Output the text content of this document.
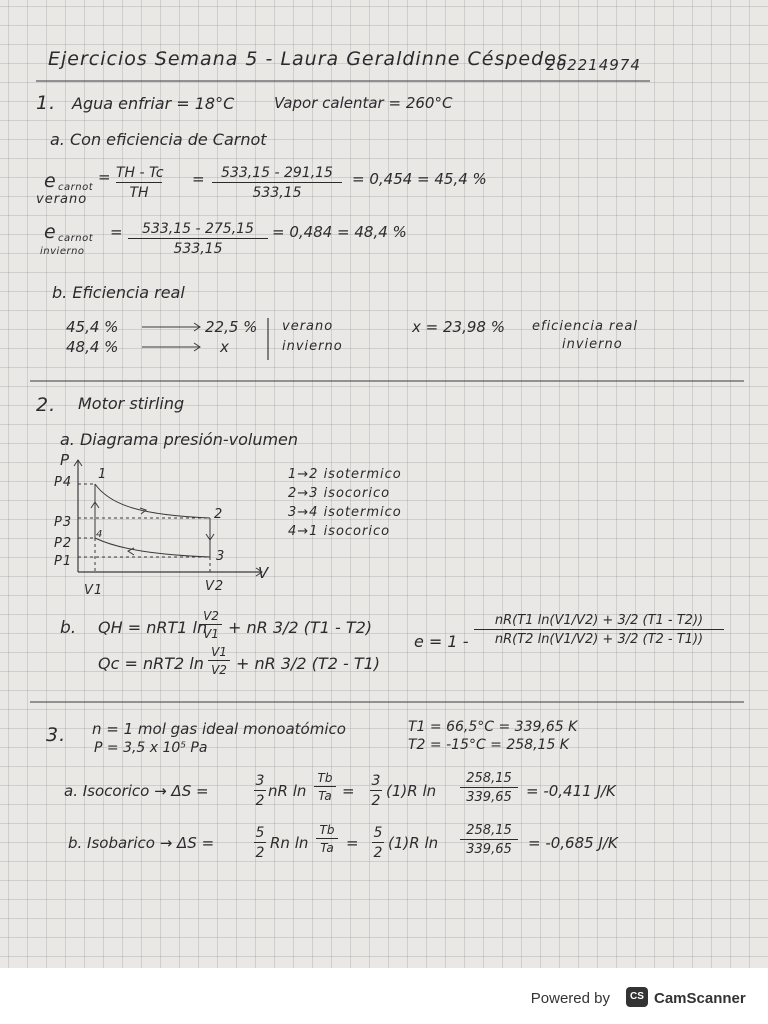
Ejercicios Semana 5 - Laura Geraldinne Céspedes
202214974
1. Agua enfriar = 18°C	Vapor calentar = 260°C
a. Con eficiencia de Carnot
e carnot
verano
= TH - Tc
TH
=	533,15 - 291,15
533,15
= 0,454 = 45,4 %
e carnot
invierno
=	533,15 - 275,15
533,15
= 0,484 = 48,4 %
b. Eficiencia real
45,4 %	22,5 %
48,4 %	x
verano
invierno
x = 23,98 % eficiencia real
invierno
2. Motor stirling
a. Diagrama presión-volumen
P
V
P4
P3
P2
P1
V1	V2
1
2
3
4
1→2 isotermico
2→3 isocorico
3→4 isotermico
4→1 isocorico
b. QH = nRT1 ln
V2
V1 + nR 3/2 (T1 - T2)
Qc = nRT2 ln
V1
V2 + nR 3/2 (T2 - T1)
e = 1 -
nR(T1 ln(V1/V2) + 3/2 (T1 - T2))
nR(T2 ln(V1/V2) + 3/2 (T2 - T1))
3. n = 1 mol gas ideal monoatómico
P = 3,5 x 10⁵ Pa
T1 = 66,5°C = 339,65 K
T2 = -15°C = 258,15 K
a. Isocorico → ΔS =
3
2
nR ln
Tb
Ta =
3
2
(1)R ln
258,15
339,65 = -0,411 J/K
b. Isobarico → ΔS =
5
2
Rn ln
Tb
Ta =
5
2
(1)R ln
258,15
339,65	= -0,685 J/K
Powered by	CS CamScanner
